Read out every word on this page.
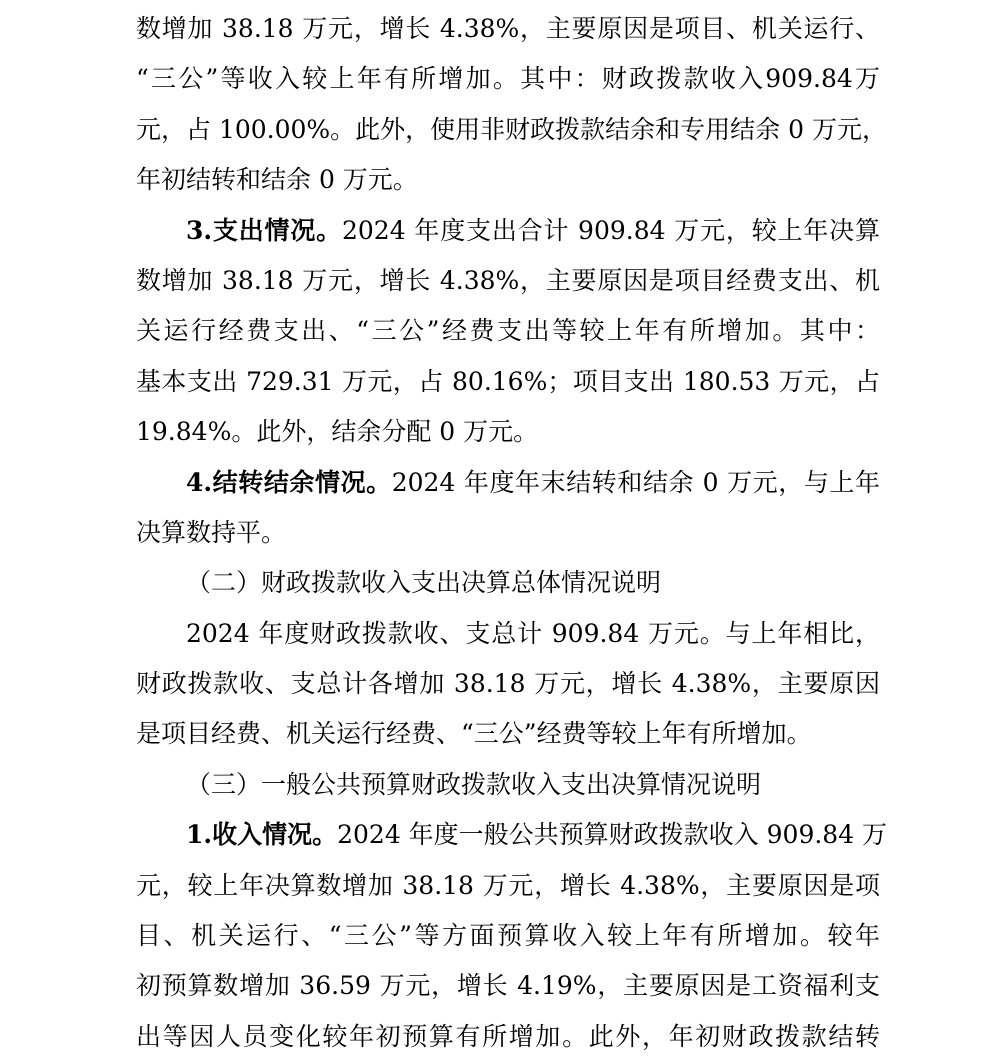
数增加 38.18 万元，增长 4.38%，主要原因是项目、机关运行、
“三公”等收入较上年有所增加。其中：财政拨款收入909.84万
元，占 100.00%。此外，使用非财政拨款结余和专用结余 0 万元，
年初结转和结余 0 万元。
3.支出情况。2024 年度支出合计 909.84 万元，较上年决算
数增加 38.18 万元，增长 4.38%，主要原因是项目经费支出、机
关运行经费支出、“三公”经费支出等较上年有所增加。其中：
基本支出 729.31 万元，占 80.16%；项目支出 180.53 万元，占
19.84%。此外，结余分配 0 万元。
4.结转结余情况。2024 年度年末结转和结余 0 万元，与上年
决算数持平。
（二）财政拨款收入支出决算总体情况说明
2024 年度财政拨款收、支总计 909.84 万元。与上年相比，
财政拨款收、支总计各增加 38.18 万元，增长 4.38%，主要原因
是项目经费、机关运行经费、“三公”经费等较上年有所增加。
（三）一般公共预算财政拨款收入支出决算情况说明
1.收入情况。2024 年度一般公共预算财政拨款收入 909.84 万
元，较上年决算数增加 38.18 万元，增长 4.38%，主要原因是项
目、机关运行、“三公”等方面预算收入较上年有所增加。较年
初预算数增加 36.59 万元，增长 4.19%，主要原因是工资福利支
出等因人员变化较年初预算有所增加。此外，年初财政拨款结转
